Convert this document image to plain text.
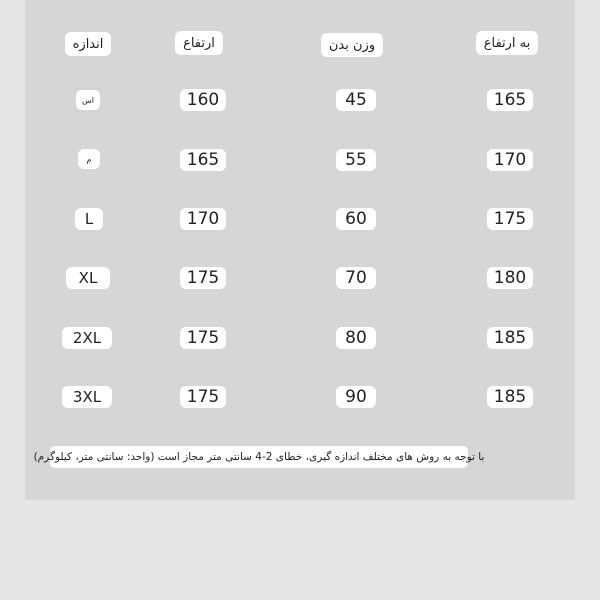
اندازه	ارتفاع	وزن بدن	به ارتفاع
اس	160	45	165
م	165	55	170
L	170	60	175
XL	175	70	180
2XL	175	80	185
3XL	175	90	185
با توجه به روش های مختلف اندازه گیری، خطای 2-4 سانتی متر مجاز است (واحد: سانتی متر، کیلوگرم)
